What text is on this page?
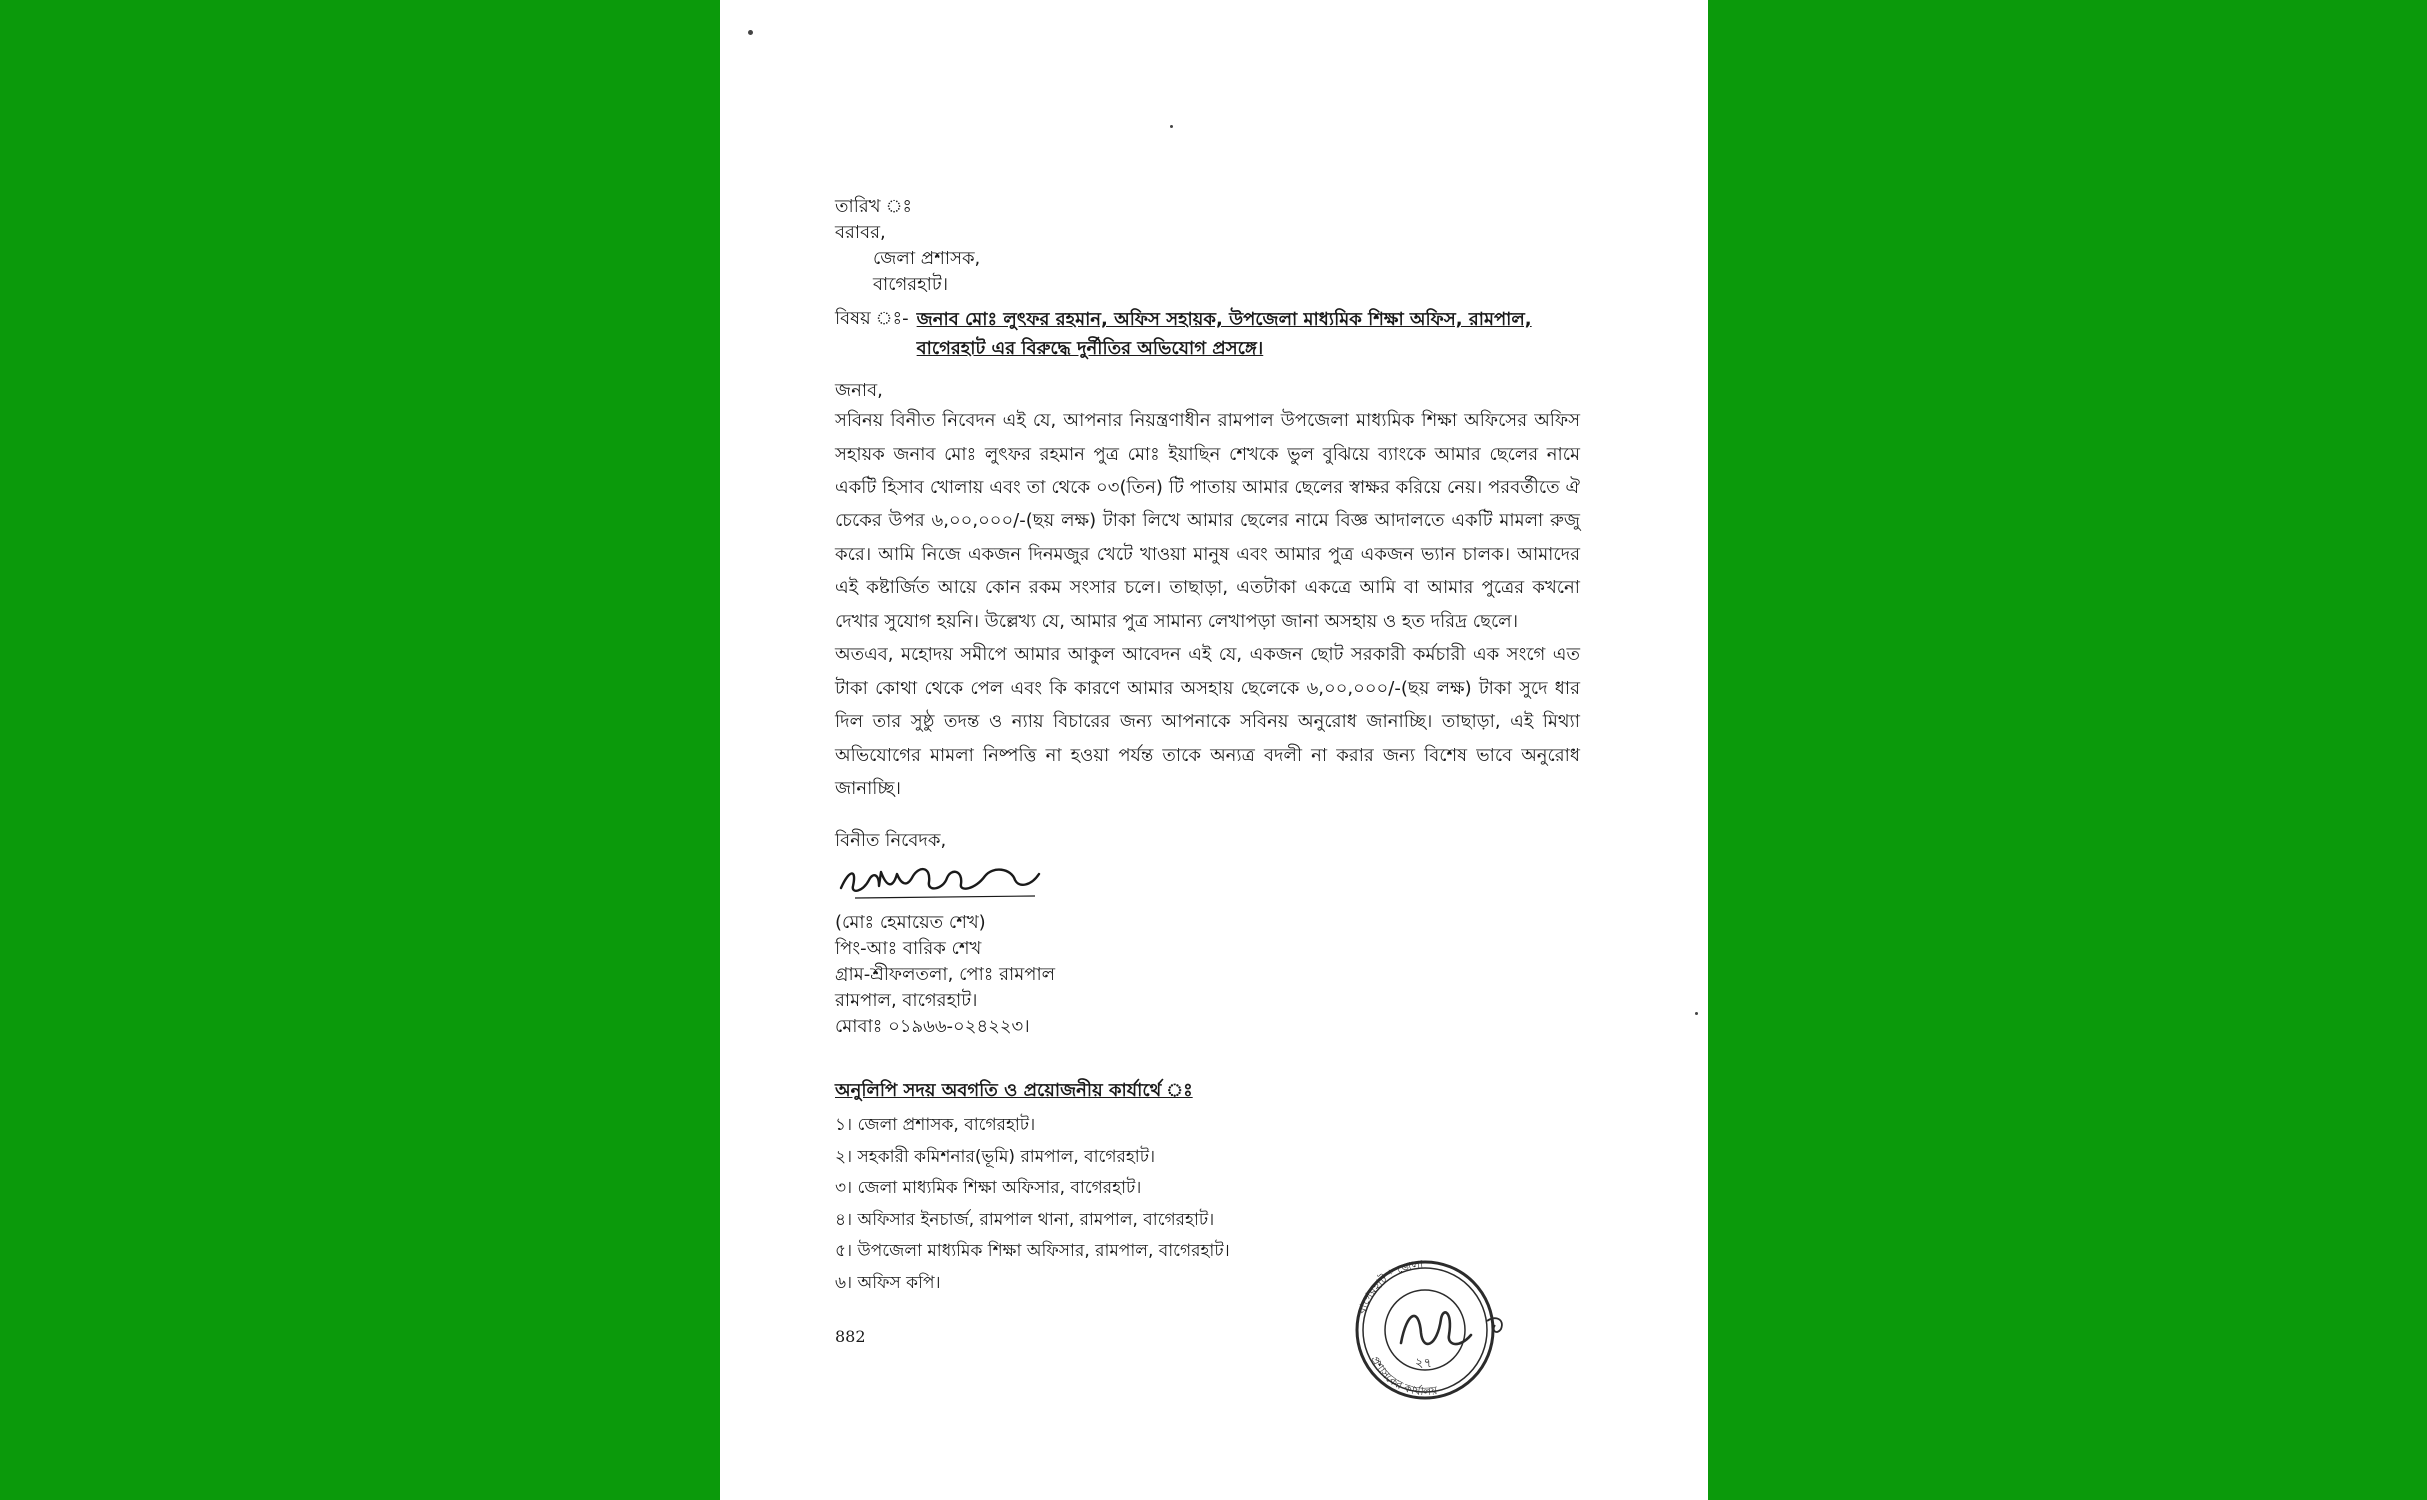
তারিখ ঃ
বরাবর,
জেলা প্রশাসক,
বাগেরহাট।
বিষয় ঃ- জনাব মোঃ লুৎফর রহমান, অফিস সহায়ক, উপজেলা মাধ্যমিক শিক্ষা অফিস, রামপাল, বাগেরহাট এর বিরুদ্ধে দুর্নীতির অভিযোগ প্রসঙ্গে।
জনাব,

সবিনয় বিনীত নিবেদন এই যে, আপনার নিয়ন্ত্রণাধীন রামপাল উপজেলা মাধ্যমিক শিক্ষা অফিসের অফিস সহায়ক জনাব মোঃ লুৎফর রহমান পুত্র মোঃ ইয়াছিন শেখকে ভুল বুঝিয়ে ব্যাংকে আমার ছেলের নামে একটি হিসাব খোলায় এবং তা থেকে ০৩(তিন) টি পাতায় আমার ছেলের স্বাক্ষর করিয়ে নেয়। পরবর্তীতে ঐ চেকের উপর ৬,০০,০০০/-(ছয় লক্ষ) টাকা লিখে আমার ছেলের নামে বিজ্ঞ আদালতে একটি মামলা রুজু করে। আমি নিজে একজন দিনমজুর খেটে খাওয়া মানুষ এবং আমার পুত্র একজন ভ্যান চালক। আমাদের এই কষ্টার্জিত আয়ে কোন রকম সংসার চলে। তাছাড়া, এতটাকা একত্রে আমি বা আমার পুত্রের কখনো দেখার সুযোগ হয়নি। উল্লেখ্য যে, আমার পুত্র সামান্য লেখাপড়া জানা অসহায় ও হত দরিদ্র ছেলে।

অতএব, মহোদয় সমীপে আমার আকুল আবেদন এই যে, একজন ছোট সরকারী কর্মচারী এক সংগে এত টাকা কোথা থেকে পেল এবং কি কারণে আমার অসহায় ছেলেকে ৬,০০,০০০/-(ছয় লক্ষ) টাকা সুদে ধার দিল তার সুষ্ঠু তদন্ত ও ন্যায় বিচারের জন্য আপনাকে সবিনয় অনুরোধ জানাচ্ছি। তাছাড়া, এই মিথ্যা অভিযোগের মামলা নিষ্পত্তি না হওয়া পর্যন্ত তাকে অন্যত্র বদলী না করার জন্য বিশেষ ভাবে অনুরোধ জানাচ্ছি।

বিনীত নিবেদক,
(মোঃ হেমায়েত শেখ)
পিং-আঃ বারিক শেখ
গ্রাম-শ্রীফলতলা, পোঃ রামপাল
রামপাল, বাগেরহাট।
মোবাঃ ০১৯৬৬-০২৪২২৩।
অনুলিপি সদয় অবগতি ও প্রয়োজনীয় কার্যার্থে ঃ
১। জেলা প্রশাসক, বাগেরহাট।
২। সহকারী কমিশনার(ভূমি) রামপাল, বাগেরহাট।
৩। জেলা মাধ্যমিক শিক্ষা অফিসার, বাগেরহাট।
৪। অফিসার ইনচার্জ, রামপাল থানা, রামপাল, বাগেরহাট।
৫। উপজেলা মাধ্যমিক শিক্ষা অফিসার, রামপাল, বাগেরহাট।
৬। অফিস কপি।
882
বাগেরহাট * জেলা
প্রশাসকের কার্যালয়
২৭
